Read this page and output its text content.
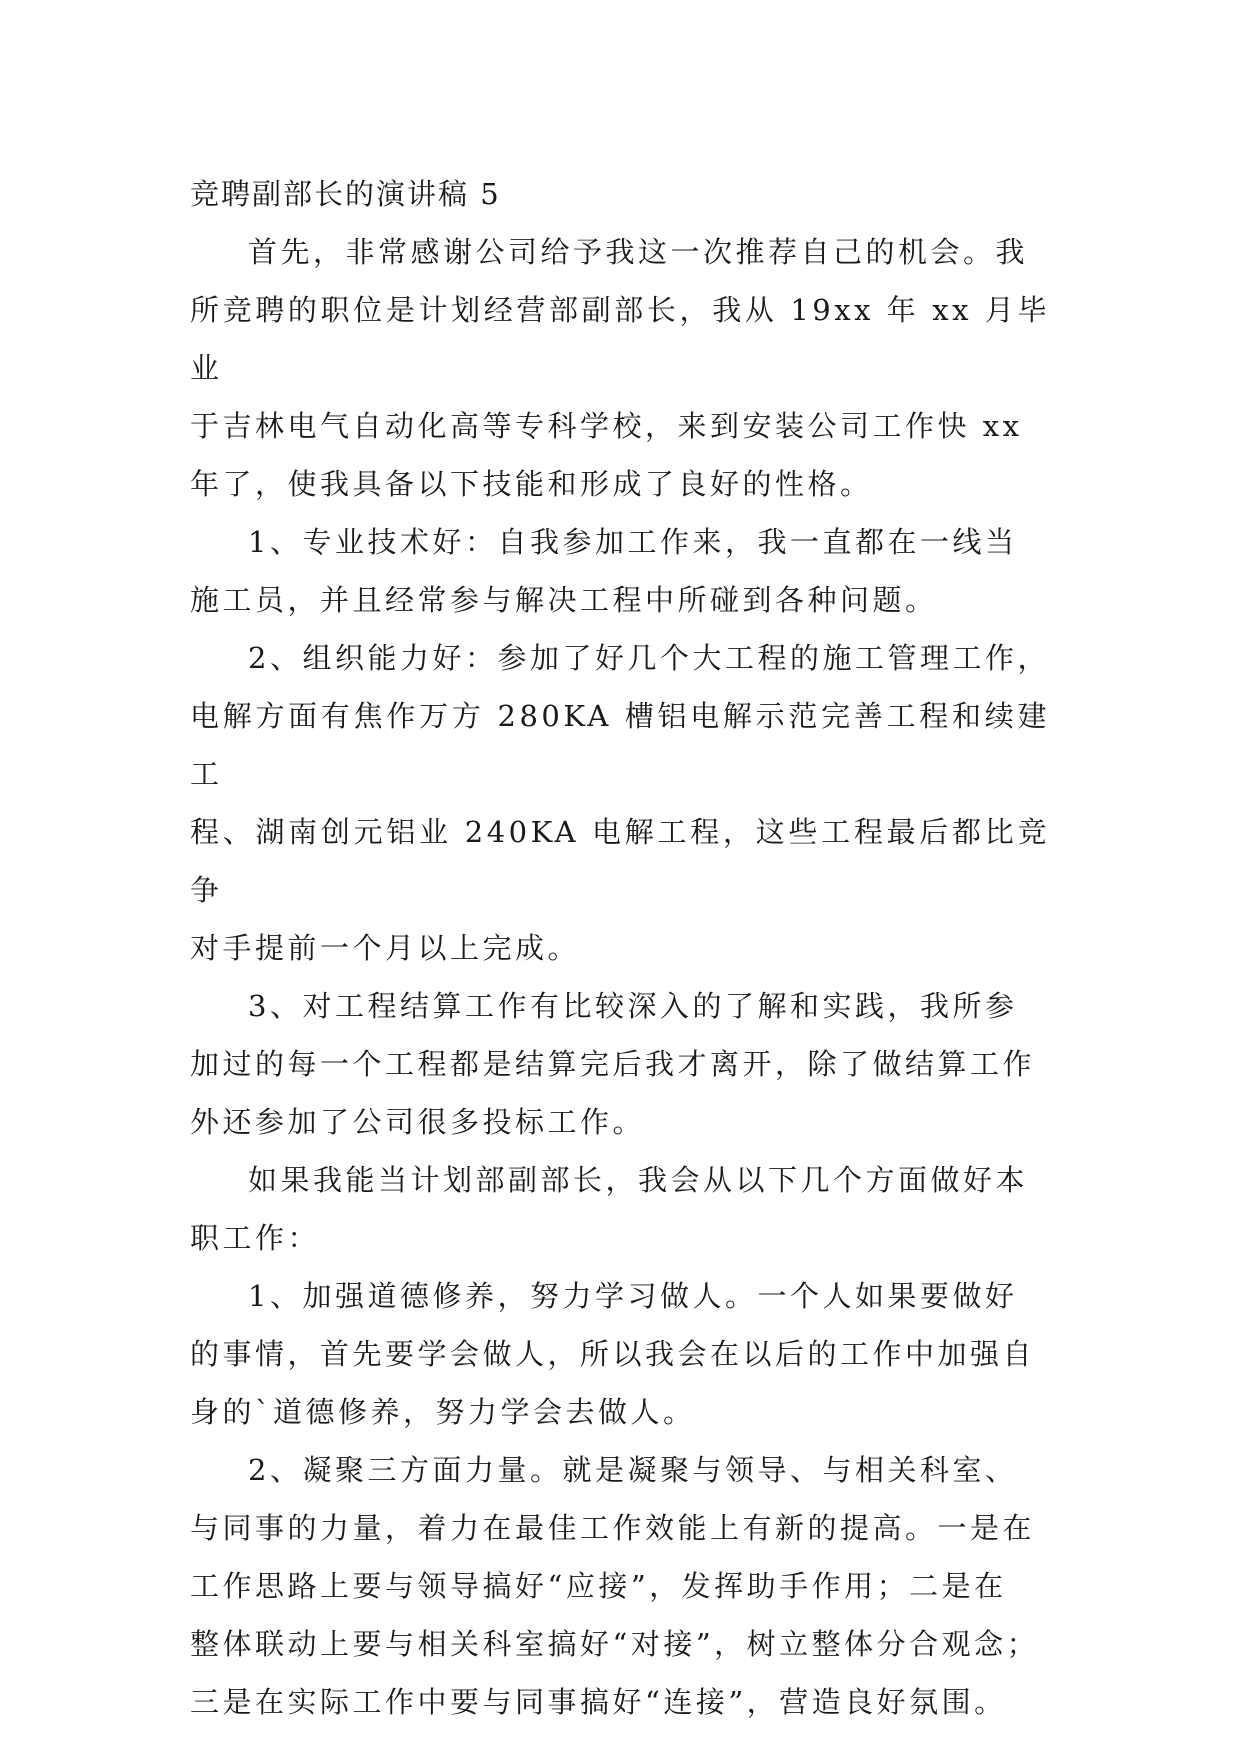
竞聘副部长的演讲稿 5

首先，非常感谢公司给予我这一次推荐自己的机会。我
所竞聘的职位是计划经营部副部长，我从 19xx 年 xx 月毕业
于吉林电气自动化高等专科学校，来到安装公司工作快 xx
年了，使我具备以下技能和形成了良好的性格。

1、专业技术好：自我参加工作来，我一直都在一线当
施工员，并且经常参与解决工程中所碰到各种问题。

2、组织能力好：参加了好几个大工程的施工管理工作，
电解方面有焦作万方 280KA 槽铝电解示范完善工程和续建工
程、湖南创元铝业 240KA 电解工程，这些工程最后都比竞争
对手提前一个月以上完成。

3、对工程结算工作有比较深入的了解和实践，我所参
加过的每一个工程都是结算完后我才离开，除了做结算工作
外还参加了公司很多投标工作。

如果我能当计划部副部长，我会从以下几个方面做好本
职工作：

1、加强道德修养，努力学习做人。一个人如果要做好
的事情，首先要学会做人，所以我会在以后的工作中加强自
身的`道德修养，努力学会去做人。

2、凝聚三方面力量。就是凝聚与领导、与相关科室、
与同事的力量，着力在最佳工作效能上有新的提高。一是在
工作思路上要与领导搞好“应接”，发挥助手作用；二是在
整体联动上要与相关科室搞好“对接”，树立整体分合观念；
三是在实际工作中要与同事搞好“连接”，营造良好氛围。
